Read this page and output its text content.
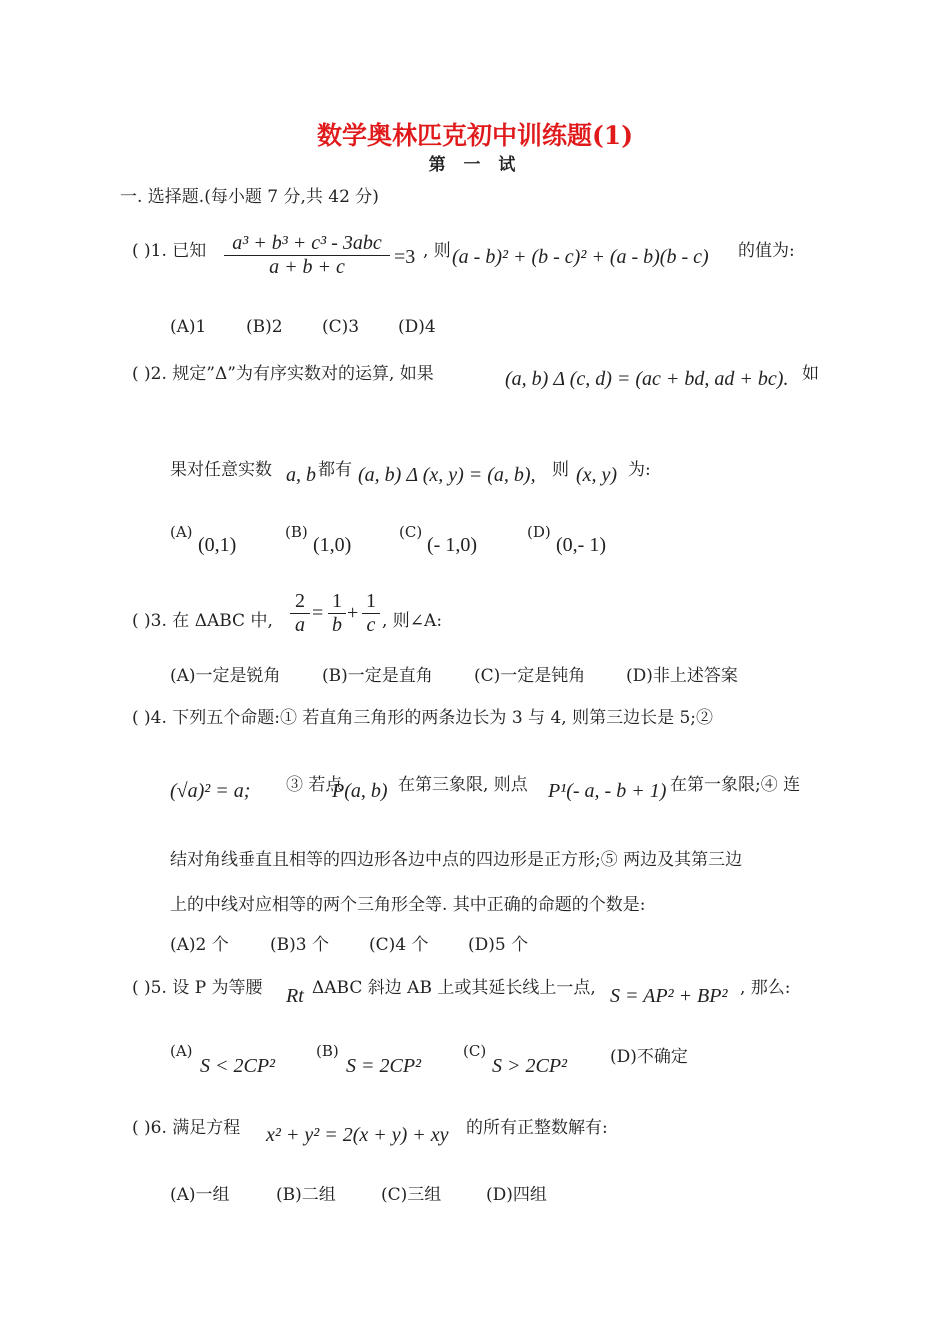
数学奥林匹克初中训练题(1)
第 一 试
一. 选择题.(每小题 7 分,共 42 分)
( )1. 已知	a³ + b³ + c³ - 3abc
a + b + c	=3 , 则 (a - b)² + (b - c)² + (a - b)(b - c) 的值为:
(A)1 (B)2 (C)3 (D)4
( )2. 规定”Δ”为有序实数对的运算, 如果	(a, b) Δ (c, d) = (ac + bd, ad + bc). 如
果对任意实数 a, b 都有 (a, b) Δ (x, y) = (a, b), 则 (x, y) 为:
(A)
(0,1)
(B)
(1,0)
(C)
(- 1,0)
(D)
(0,- 1)
( )3. 在 ΔABC 中, $\frac{2}{a} = \frac{1}{b} + \frac{1}{c}$ , 则∠A:
(A)一定是锐角 (B)一定是直角 (C)一定是钝角 (D)非上述答案
( )4. 下列五个命题:① 若直角三角形的两条边长为 3 与 4, 则第三边长是 5;②
(√a)² = a; ③ 若点
P(a, b) 在第三象限, 则点 P¹(- a, - b + 1) 在第一象限;④ 连
结对角线垂直且相等的四边形各边中点的四边形是正方形;⑤ 两边及其第三边
上的中线对应相等的两个三角形全等. 其中正确的命题的个数是:
(A)2 个 (B)3 个 (C)4 个 (D)5 个
( )5. 设 P 为等腰 Rt ΔABC 斜边 AB 上或其延长线上一点, S = AP² + BP² , 那么:
(A)
S < 2CP²
(B)
S = 2CP²
(C)
S > 2CP²	(D)不确定
( )6. 满足方程 x² + y² = 2(x + y) + xy 的所有正整数解有:
(A)一组	(B)二组	(C)三组	(D)四组
